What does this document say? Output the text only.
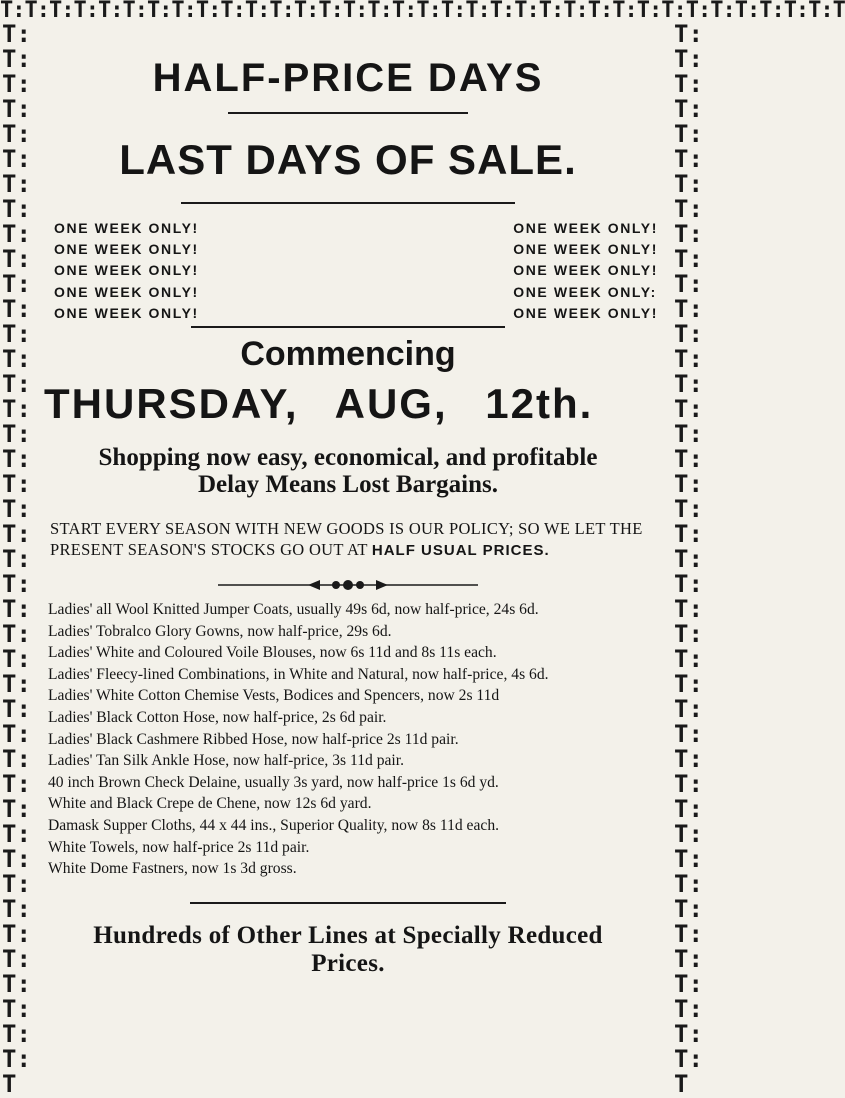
T:T:T:T:T:T:T:T:T:T:T:T:T:T:T:T:T:T:T:T:T:T:T:T:T:T:T:T:T:T:T:T:T:T:T
T:T:T:T:T:T:T:T:T:T:T:T:T:T:T:T:T:T:T:T:T:T:T:T:T:T:T:T:T:T:T:T:T:T:T:T:T:T:T:T:T:T:T
T:T:T:T:T:T:T:T:T:T:T:T:T:T:T:T:T:T:T:T:T:T:T:T:T:T:T:T:T:T:T:T:T:T:T:T:T:T:T:T:T:T:T
HALF-PRICE DAYS
LAST DAYS OF SALE.
ONE WEEK ONLY!
ONE WEEK ONLY!
ONE WEEK ONLY!
ONE WEEK ONLY!
ONE WEEK ONLY!
ONE WEEK ONLY!
ONE WEEK ONLY!
ONE WEEK ONLY!
ONE WEEK ONLY:
ONE WEEK ONLY!
Commencing
THURSDAY, AUG, 12th.
Shopping now easy, economical, and profitable
Delay Means Lost Bargains.
START EVERY SEASON WITH NEW GOODS IS OUR POLICY; SO WE LET THE PRESENT SEASON'S STOCKS GO OUT AT HALF USUAL PRICES.
Ladies' all Wool Knitted Jumper Coats, usually 49s 6d, now half-price, 24s 6d.
Ladies' Tobralco Glory Gowns, now half-price, 29s 6d.
Ladies' White and Coloured Voile Blouses, now 6s 11d and 8s 11s each.
Ladies' Fleecy-lined Combinations, in White and Natural, now half-price, 4s 6d.
Ladies' White Cotton Chemise Vests, Bodices and Spencers, now 2s 11d
Ladies' Black Cotton Hose, now half-price, 2s 6d pair.
Ladies' Black Cashmere Ribbed Hose, now half-price 2s 11d pair.
Ladies' Tan Silk Ankle Hose, now half-price, 3s 11d pair.
40 inch Brown Check Delaine, usually 3s yard, now half-price 1s 6d yd.
White and Black Crepe de Chene, now 12s 6d yard.
Damask Supper Cloths, 44 x 44 ins., Superior Quality, now 8s 11d each.
White Towels, now half-price 2s 11d pair.
White Dome Fastners, now 1s 3d gross.
Hundreds of Other Lines at Specially Reduced
Prices.
